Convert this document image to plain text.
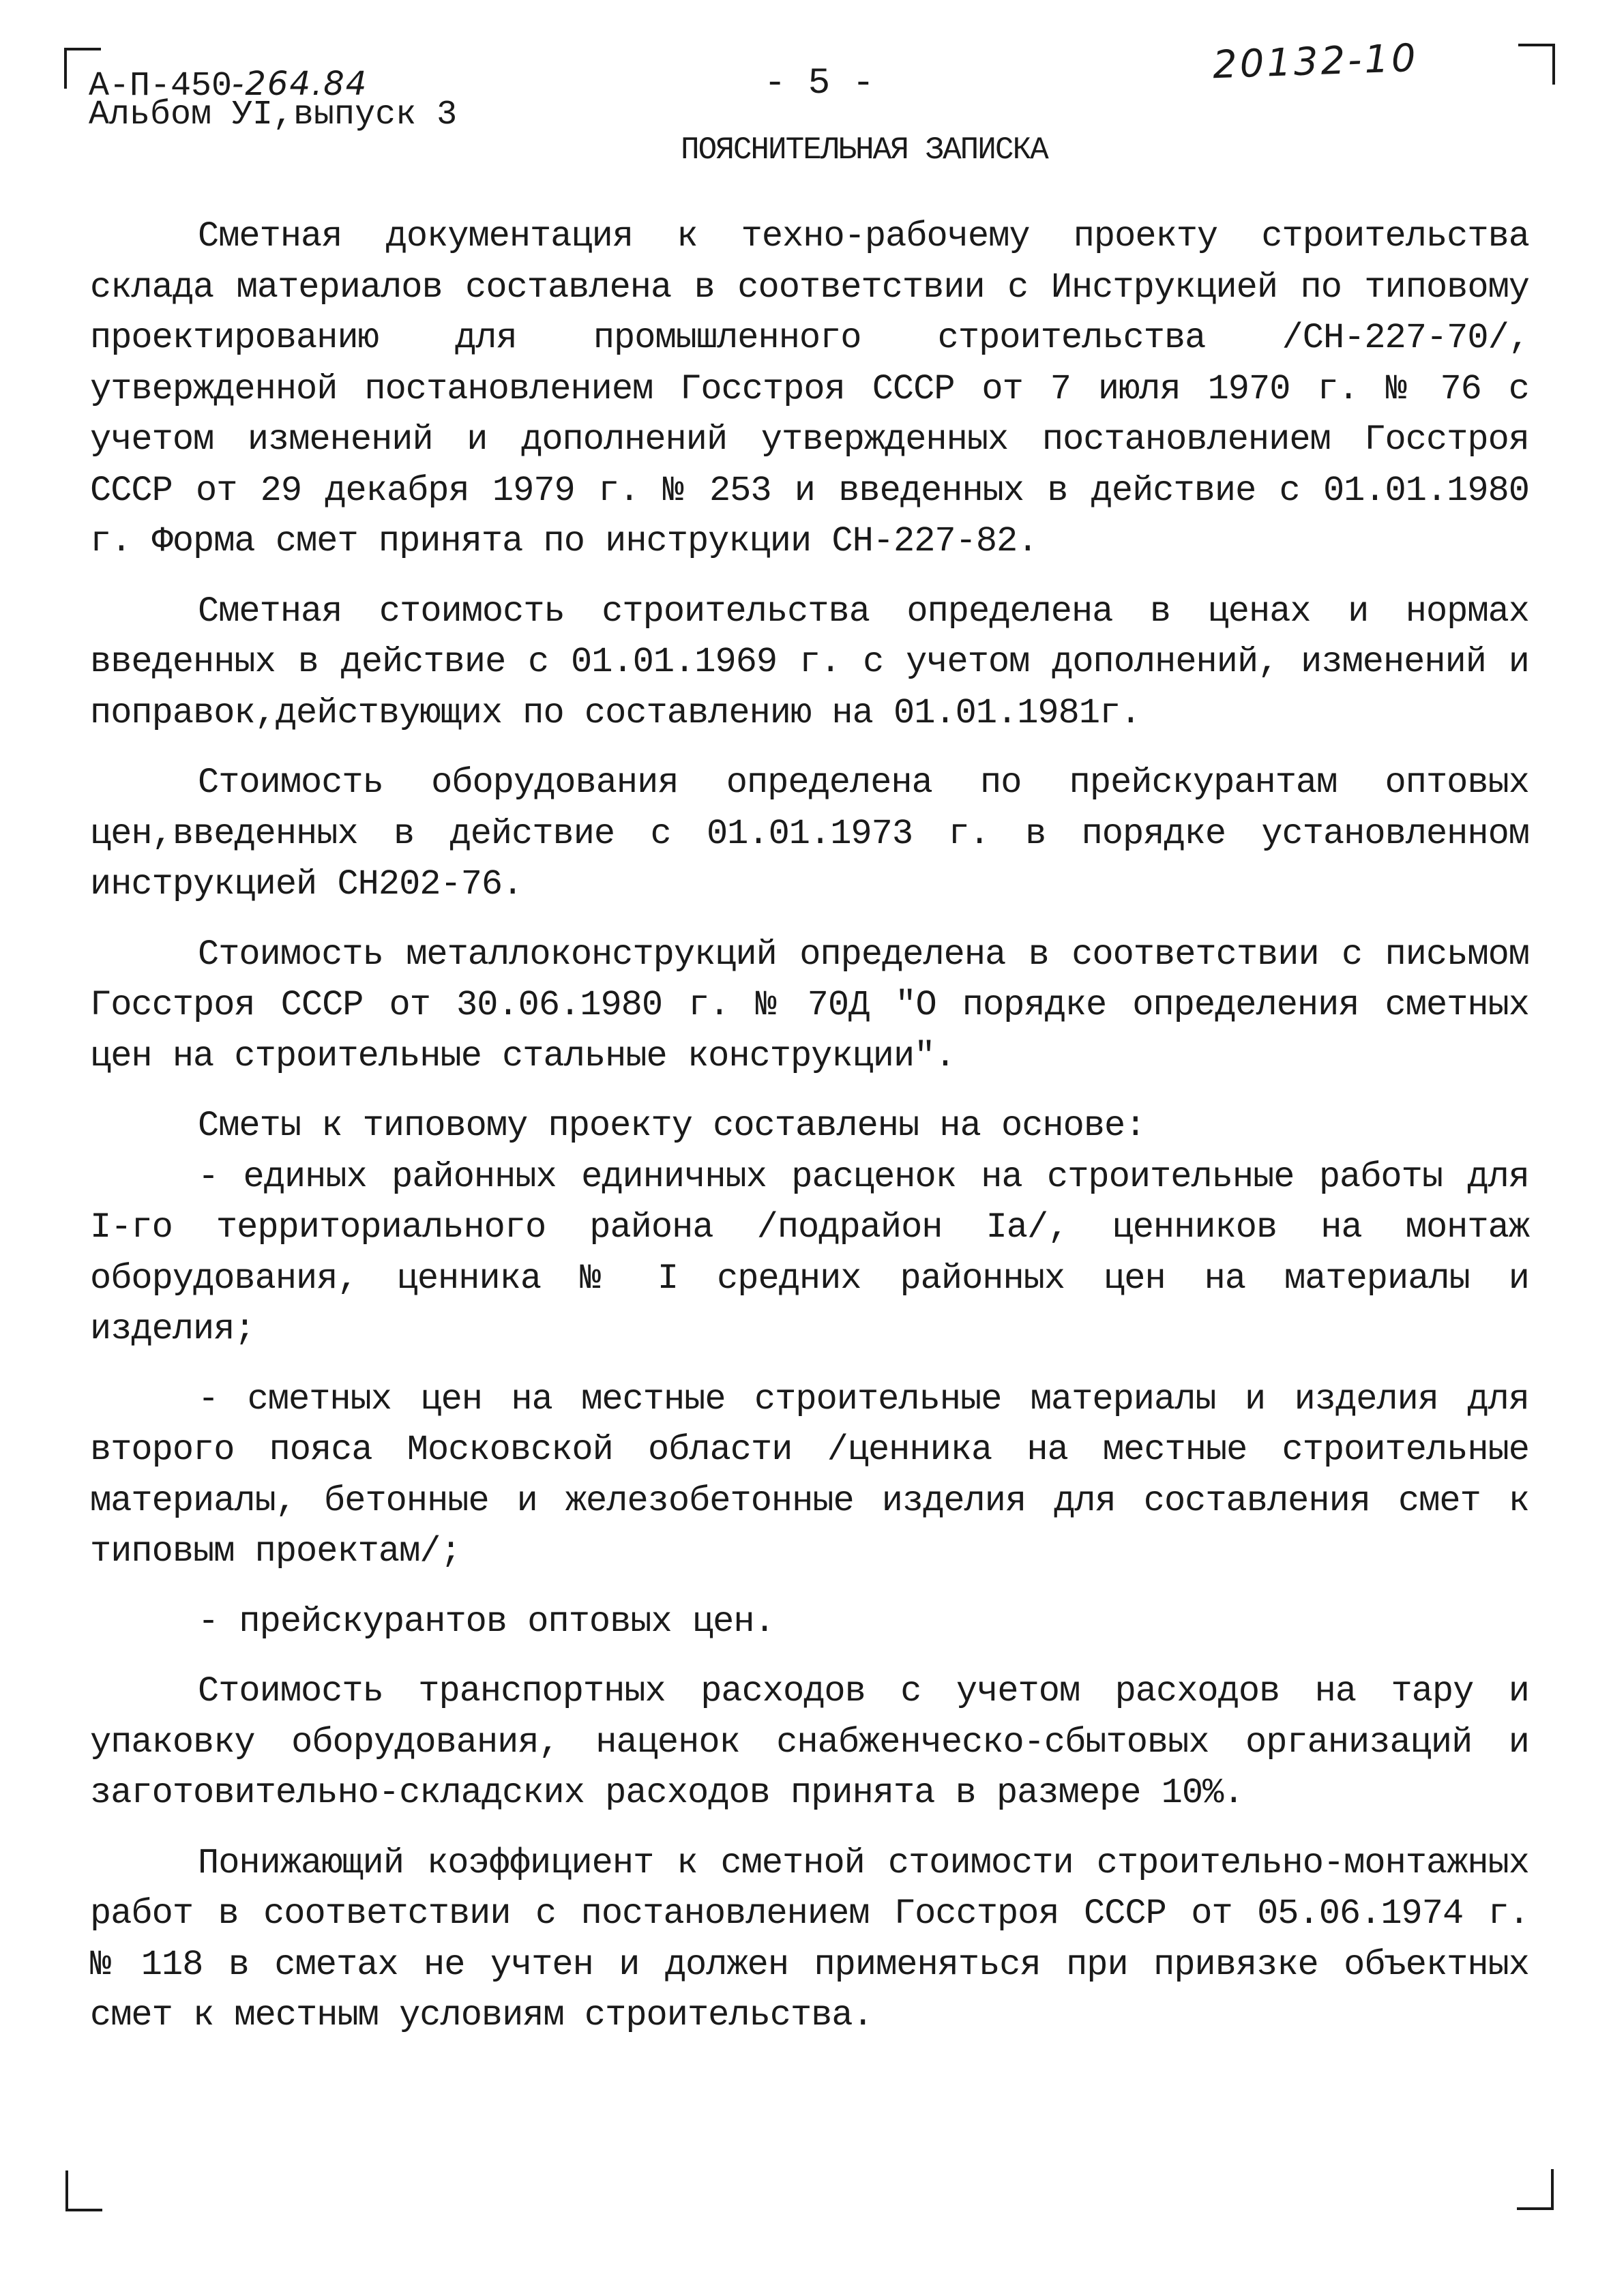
А-П-450-264.84
Альбом УI,выпуск 3
- 5 -	20132-10
ПОЯСНИТЕЛЬНАЯ ЗАПИСКА

Сметная документация к техно-рабочему проекту строительства склада материалов составлена в соответствии с Инструкцией по типовому проектированию для промышленного строительства /СН-227-70/, утвержденной постановлением Госстроя СССР от 7 июля 1970 г. № 76 с учетом изменений и дополнений утвержденных постановлением Госстроя СССР от 29 декабря 1979 г. № 253 и введенных в действие с 01.01.1980 г. Форма смет принята по инструкции СН-227-82.

Сметная стоимость строительства определена в ценах и нормах введенных в действие с 01.01.1969 г. с учетом дополнений, изменений и поправок,действующих по составлению на 01.01.1981г.

Стоимость оборудования определена по прейскурантам оптовых цен,введенных в действие с 01.01.1973 г. в порядке установленном инструкцией СН202-76.

Стоимость металлоконструкций определена в соответствии с письмом Госстроя СССР от 30.06.1980 г. № 70Д "О порядке определения сметных цен на строительные стальные конструкции".

Сметы к типовому проекту составлены на основе:

- единых районных единичных расценок на строительные работы для I-го территориального района /подрайон Iа/, ценников на монтаж оборудования, ценника № I средних районных цен на материалы и изделия;

- сметных цен на местные строительные материалы и изделия для второго пояса Московской области /ценника на местные строительные материалы, бетонные и железобетонные изделия для составления смет к типовым проектам/;

- прейскурантов оптовых цен.

Стоимость транспортных расходов с учетом расходов на тару и упаковку оборудования, наценок снабженческо-сбытовых организаций и заготовительно-складских расходов принята в размере 10%.

Понижающий коэффициент к сметной стоимости строительно-монтажных работ в соответствии с постановлением Госстроя СССР от 05.06.1974 г. № 118 в сметах не учтен и должен применяться при привязке объектных смет к местным условиям строительства.
